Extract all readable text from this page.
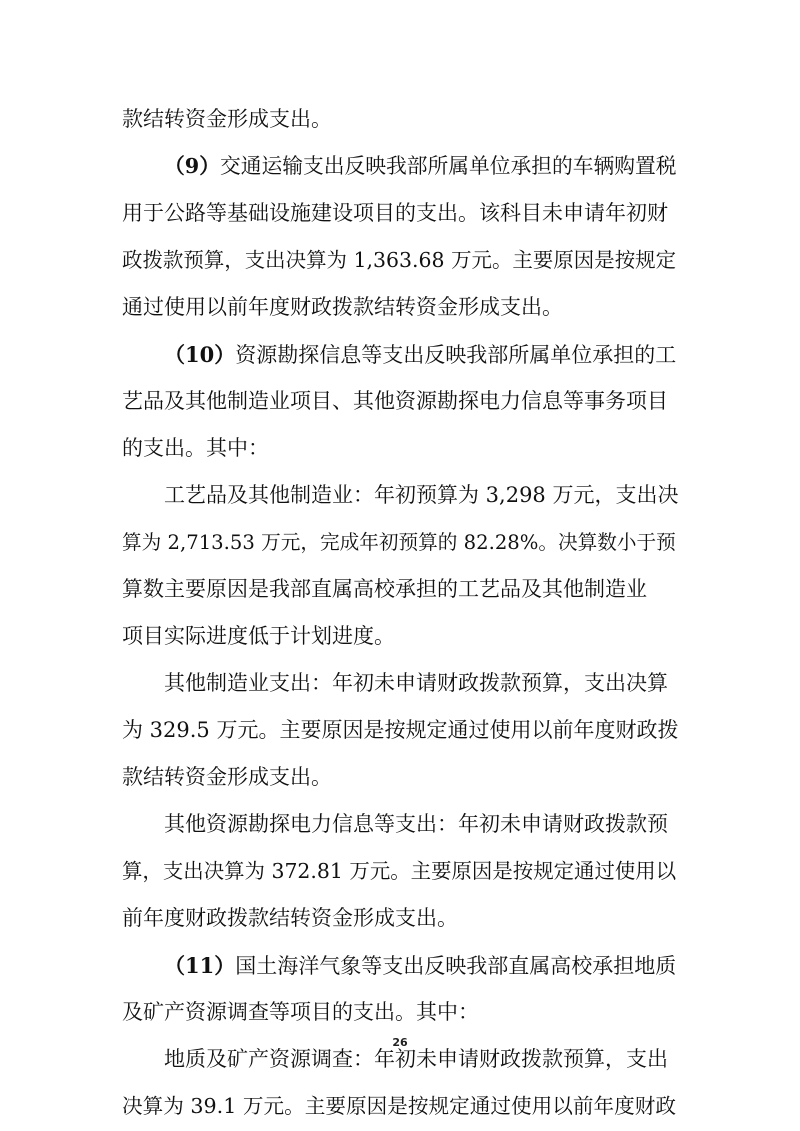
款结转资金形成支出。
（9）交通运输支出反映我部所属单位承担的车辆购置税
用于公路等基础设施建设项目的支出。该科目未申请年初财
政拨款预算，支出决算为 1,363.68 万元。主要原因是按规定
通过使用以前年度财政拨款结转资金形成支出。
（10）资源勘探信息等支出反映我部所属单位承担的工
艺品及其他制造业项目、其他资源勘探电力信息等事务项目
的支出。其中：
工艺品及其他制造业：年初预算为 3,298 万元，支出决
算为 2,713.53 万元，完成年初预算的 82.28%。决算数小于预
算数主要原因是我部直属高校承担的工艺品及其他制造业
项目实际进度低于计划进度。
其他制造业支出：年初未申请财政拨款预算，支出决算
为 329.5 万元。主要原因是按规定通过使用以前年度财政拨
款结转资金形成支出。
其他资源勘探电力信息等支出：年初未申请财政拨款预
算，支出决算为 372.81 万元。主要原因是按规定通过使用以
前年度财政拨款结转资金形成支出。
（11）国土海洋气象等支出反映我部直属高校承担地质
及矿产资源调查等项目的支出。其中：
地质及矿产资源调查：年初未申请财政拨款预算，支出
决算为 39.1 万元。主要原因是按规定通过使用以前年度财政
26
